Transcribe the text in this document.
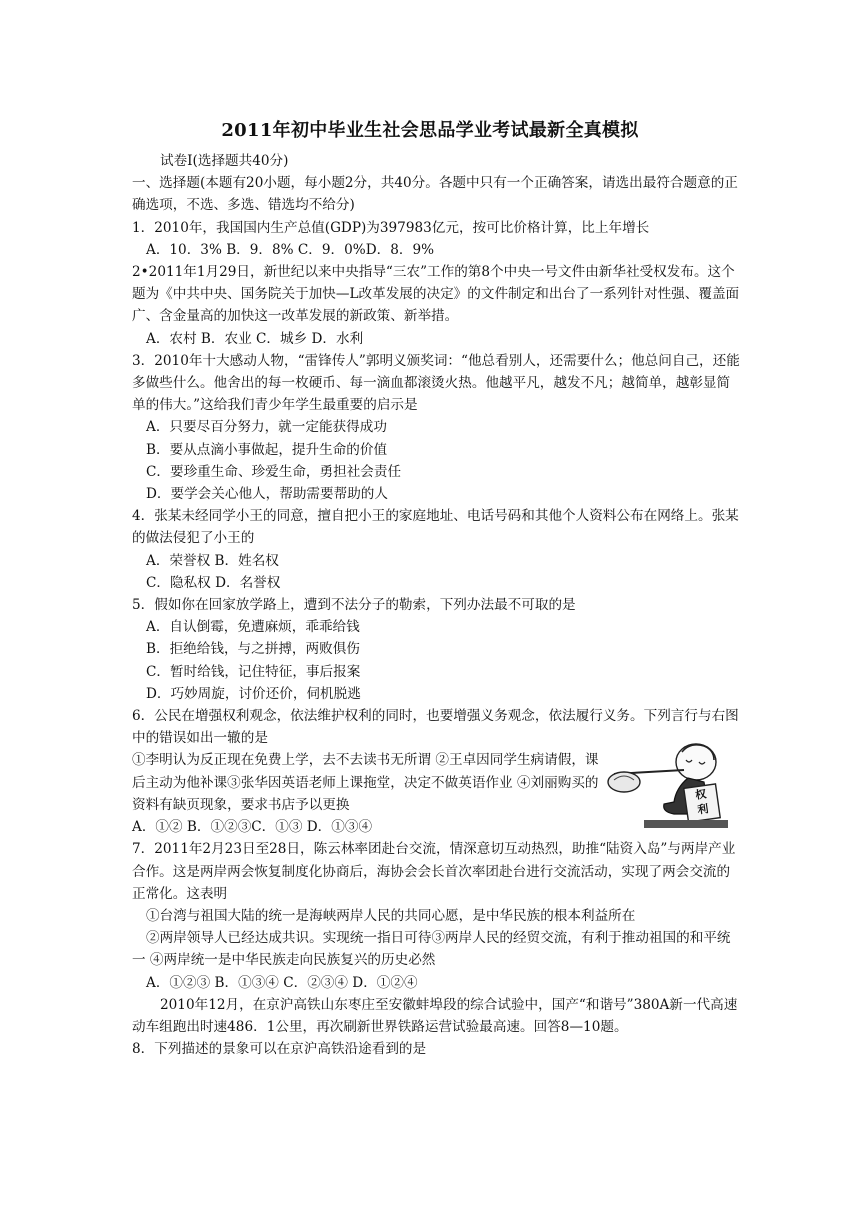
2011年初中毕业生社会思品学业考试最新全真模拟

试卷Ⅰ(选择题共40分)

一、选择题(本题有20小题，每小题2分，共40分。各题中只有一个正确答案，请选出最符合题意的正确选项，不选、多选、错选均不给分)

1．2010年，我国国内生产总值(GDP)为397983亿元，按可比价格计算，比上年增长

A．10．3% B．9．8% C．9．0%D．8．9%

2•2011年1月29日，新世纪以来中央指导“三农”工作的第8个中央一号文件由新华社受权发布。这个题为《中共中央、国务院关于加快—L改革发展的决定》的文件制定和出台了一系列针对性强、覆盖面广、含金量高的加快这一改革发展的新政策、新举措。

A．农村 B．农业 C．城乡 D．水利

3．2010年十大感动人物，“雷锋传人”郭明义颁奖词：“他总看别人，还需要什么；他总问自己，还能多做些什么。他舍出的每一枚硬币、每一滴血都滚烫火热。他越平凡，越发不凡；越简单，越彰显简单的伟大。”这给我们青少年学生最重要的启示是

A．只要尽百分努力，就一定能获得成功

B．要从点滴小事做起，提升生命的价值

C．要珍重生命、珍爱生命，勇担社会责任

D．要学会关心他人，帮助需要帮助的人

4．张某未经同学小王的同意，擅自把小王的家庭地址、电话号码和其他个人资料公布在网络上。张某的做法侵犯了小王的

A．荣誉权 B．姓名权

C．隐私权 D．名誉权

5．假如你在回家放学路上，遭到不法分子的勒索，下列办法最不可取的是

A．自认倒霉，免遭麻烦，乖乖给钱

B．拒绝给钱，与之拼搏，两败俱伤

C．暂时给钱，记住特征，事后报案

D．巧妙周旋，讨价还价，伺机脱逃

6．公民在增强权利观念，依法维护权利的同时，也要增强义务观念，依法履行义务。下列言行与右图中的错误如出一辙的是

①李明认为反正现在免费上学，去不去读书无所谓 ②王卓因同学生病请假，课后主动为他补课③张华因英语老师上课拖堂，决定不做英语作业 ④刘丽购买的资料有缺页现象，要求书店予以更换

A．①② B．①②③C．①③ D．①③④

7．2011年2月23日至28日，陈云林率团赴台交流，情深意切互动热烈，助推“陆资入岛”与两岸产业合作。这是两岸两会恢复制度化协商后，海协会会长首次率团赴台进行交流活动，实现了两会交流的正常化。这表明

①台湾与祖国大陆的统一是海峡两岸人民的共同心愿，是中华民族的根本利益所在

②两岸领导人已经达成共识。实现统一指日可待③两岸人民的经贸交流，有利于推动祖国的和平统一 ④两岸统一是中华民族走向民族复兴的历史必然

A．①②③ B．①③④ C．②③④ D．①②④

2010年12月，在京沪高铁山东枣庄至安徽蚌埠段的综合试验中，国产“和谐号”380A新一代高速动车组跑出时速486．1公里，再次刷新世界铁路运营试验最高速。回答8—10题。

8．下列描述的景象可以在京沪高铁沿途看到的是

权
利
